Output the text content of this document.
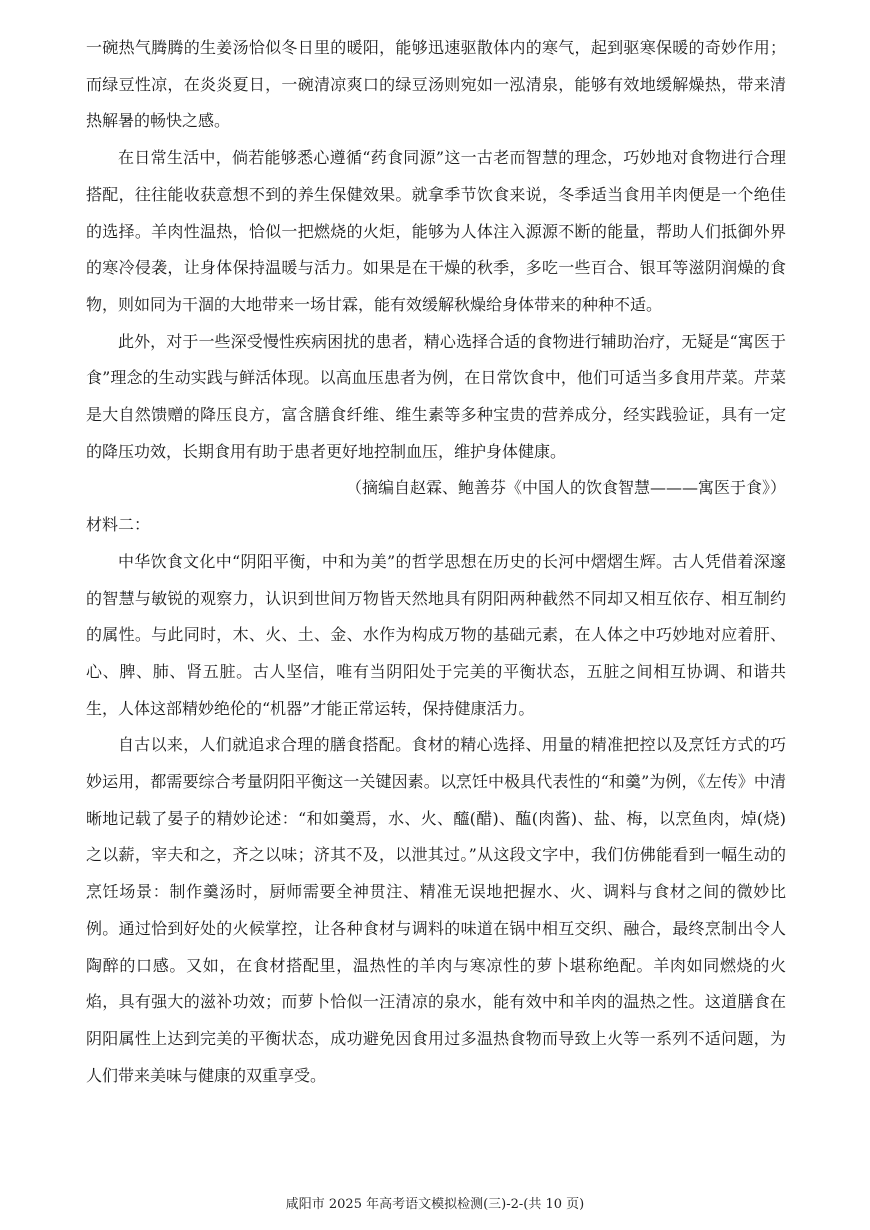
一碗热气腾腾的生姜汤恰似冬日里的暖阳，能够迅速驱散体内的寒气，起到驱寒保暖的奇妙作用；而绿豆性凉，在炎炎夏日，一碗清凉爽口的绿豆汤则宛如一泓清泉，能够有效地缓解燥热，带来清热解暑的畅快之感。

在日常生活中，倘若能够悉心遵循“药食同源”这一古老而智慧的理念，巧妙地对食物进行合理搭配，往往能收获意想不到的养生保健效果。就拿季节饮食来说，冬季适当食用羊肉便是一个绝佳的选择。羊肉性温热，恰似一把燃烧的火炬，能够为人体注入源源不断的能量，帮助人们抵御外界的寒冷侵袭，让身体保持温暖与活力。如果是在干燥的秋季，多吃一些百合、银耳等滋阴润燥的食物，则如同为干涸的大地带来一场甘霖，能有效缓解秋燥给身体带来的种种不适。

此外，对于一些深受慢性疾病困扰的患者，精心选择合适的食物进行辅助治疗，无疑是“寓医于食”理念的生动实践与鲜活体现。以高血压患者为例，在日常饮食中，他们可适当多食用芹菜。芹菜是大自然馈赠的降压良方，富含膳食纤维、维生素等多种宝贵的营养成分，经实践验证，具有一定的降压功效，长期食用有助于患者更好地控制血压，维护身体健康。

（摘编自赵霖、鲍善芬《中国人的饮食智慧———寓医于食》）

材料二：

中华饮食文化中“阴阳平衡，中和为美”的哲学思想在历史的长河中熠熠生辉。古人凭借着深邃的智慧与敏锐的观察力，认识到世间万物皆天然地具有阴阳两种截然不同却又相互依存、相互制约的属性。与此同时，木、火、土、金、水作为构成万物的基础元素，在人体之中巧妙地对应着肝、心、脾、肺、肾五脏。古人坚信，唯有当阴阳处于完美的平衡状态，五脏之间相互协调、和谐共生，人体这部精妙绝伦的“机器”才能正常运转，保持健康活力。

自古以来，人们就追求合理的膳食搭配。食材的精心选择、用量的精准把控以及烹饪方式的巧妙运用，都需要综合考量阴阳平衡这一关键因素。以烹饪中极具代表性的“和羹”为例，《左传》中清晰地记载了晏子的精妙论述：“和如羹焉，水、火、醯(醋)、醢(肉酱)、盐、梅，以烹鱼肉，焯(烧)之以薪，宰夫和之，齐之以味；济其不及，以泄其过。”从这段文字中，我们仿佛能看到一幅生动的烹饪场景：制作羹汤时，厨师需要全神贯注、精准无误地把握水、火、调料与食材之间的微妙比例。通过恰到好处的火候掌控，让各种食材与调料的味道在锅中相互交织、融合，最终烹制出令人陶醉的口感。又如，在食材搭配里，温热性的羊肉与寒凉性的萝卜堪称绝配。羊肉如同燃烧的火焰，具有强大的滋补功效；而萝卜恰似一汪清凉的泉水，能有效中和羊肉的温热之性。这道膳食在阴阳属性上达到完美的平衡状态，成功避免因食用过多温热食物而导致上火等一系列不适问题，为人们带来美味与健康的双重享受。

咸阳市 2025 年高考语文模拟检测(三)-2-(共 10 页)
